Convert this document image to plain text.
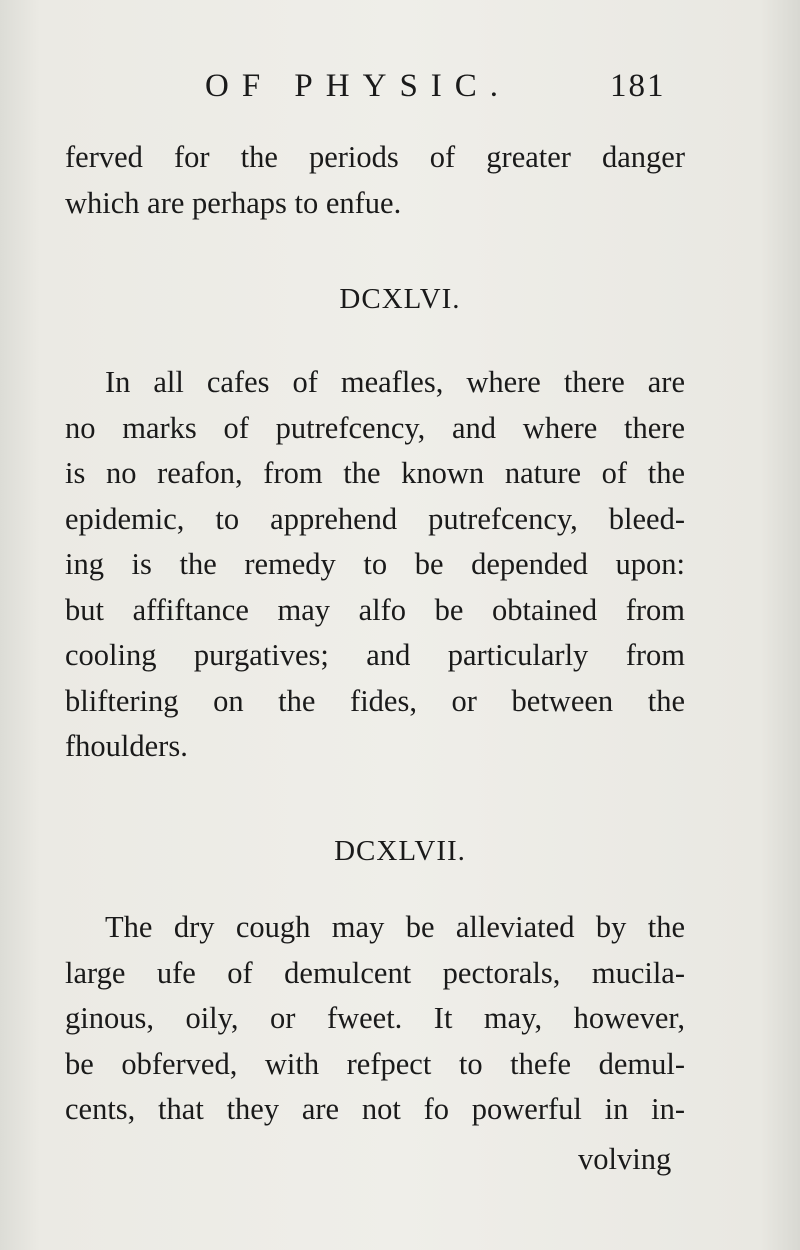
OF PHYSIC.	181
ferved for the periods of greater danger
which are perhaps to enfue.
DCXLVI.
In all cafes of meafles, where there are
no marks of putrefcency, and where there
is no reafon, from the known nature of the
epidemic, to apprehend putrefcency, bleed-
ing is the remedy to be depended upon:
but affiftance may alfo be obtained from
cooling purgatives; and particularly from
bliftering on the fides, or between the
fhoulders.
DCXLVII.
The dry cough may be alleviated by the
large ufe of demulcent pectorals, mucila-
ginous, oily, or fweet. It may, however,
be obferved, with refpect to thefe demul-
cents, that they are not fo powerful in in-
volving
